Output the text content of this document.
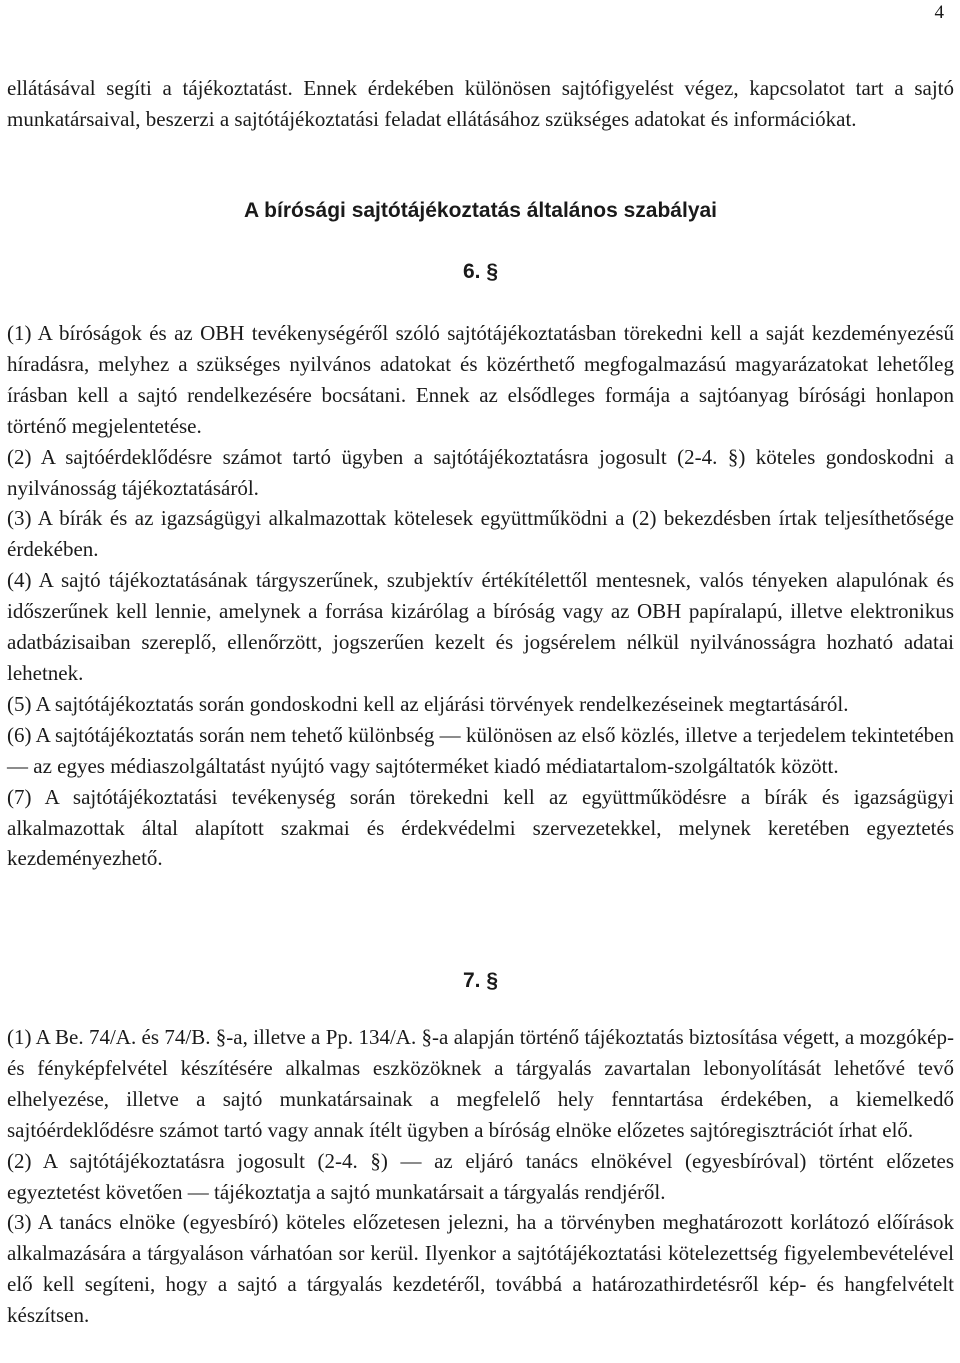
4

ellátásával segíti a tájékoztatást. Ennek érdekében különösen sajtófigyelést végez, kapcsolatot tart a sajtó munkatársaival, beszerzi a sajtótájékoztatási feladat ellátásához szükséges adatokat és információkat.

A bírósági sajtótájékoztatás általános szabályai
6. §

(1) A bíróságok és az OBH tevékenységéről szóló sajtótájékoztatásban törekedni kell a saját kezdeményezésű híradásra, melyhez a szükséges nyilvános adatokat és közérthető megfogalmazású magyarázatokat lehetőleg írásban kell a sajtó rendelkezésére bocsátani. Ennek az elsődleges formája a sajtóanyag bírósági honlapon történő megjelentetése.

(2) A sajtóérdeklődésre számot tartó ügyben a sajtótájékoztatásra jogosult (2-4. §) köteles gondoskodni a nyilvánosság tájékoztatásáról.

(3) A bírák és az igazságügyi alkalmazottak kötelesek együttműködni a (2) bekezdésben írtak teljesíthetősége érdekében.

(4) A sajtó tájékoztatásának tárgyszerűnek, szubjektív értékítélettől mentesnek, valós tényeken alapulónak és időszerűnek kell lennie, amelynek a forrása kizárólag a bíróság vagy az OBH papíralapú, illetve elektronikus adatbázisaiban szereplő, ellenőrzött, jogszerűen kezelt és jogsérelem nélkül nyilvánosságra hozható adatai lehetnek.

(5) A sajtótájékoztatás során gondoskodni kell az eljárási törvények rendelkezéseinek megtartásáról.

(6) A sajtótájékoztatás során nem tehető különbség — különösen az első közlés, illetve a terjedelem tekintetében — az egyes médiaszolgáltatást nyújtó vagy sajtóterméket kiadó médiatartalom-szolgáltatók között.

(7) A sajtótájékoztatási tevékenység során törekedni kell az együttműködésre a bírák és igazságügyi alkalmazottak által alapított szakmai és érdekvédelmi szervezetekkel, melynek keretében egyeztetés kezdeményezhető.

7. §

(1) A Be. 74/A. és 74/B. §-a, illetve a Pp. 134/A. §-a alapján történő tájékoztatás biztosítása végett, a mozgókép- és fényképfelvétel készítésére alkalmas eszközöknek a tárgyalás zavartalan lebonyolítását lehetővé tevő elhelyezése, illetve a sajtó munkatársainak a megfelelő hely fenntartása érdekében, a kiemelkedő sajtóérdeklődésre számot tartó vagy annak ítélt ügyben a bíróság elnöke előzetes sajtóregisztrációt írhat elő.

(2) A sajtótájékoztatásra jogosult (2-4. §) — az eljáró tanács elnökével (egyesbíróval) történt előzetes egyeztetést követően — tájékoztatja a sajtó munkatársait a tárgyalás rendjéről.

(3) A tanács elnöke (egyesbíró) köteles előzetesen jelezni, ha a törvényben meghatározott korlátozó előírások alkalmazására a tárgyaláson várhatóan sor kerül. Ilyenkor a sajtótájékoztatási kötelezettség figyelembevételével elő kell segíteni, hogy a sajtó a tárgyalás kezdetéről, továbbá a határozathirdetésről kép- és hangfelvételt készítsen.
